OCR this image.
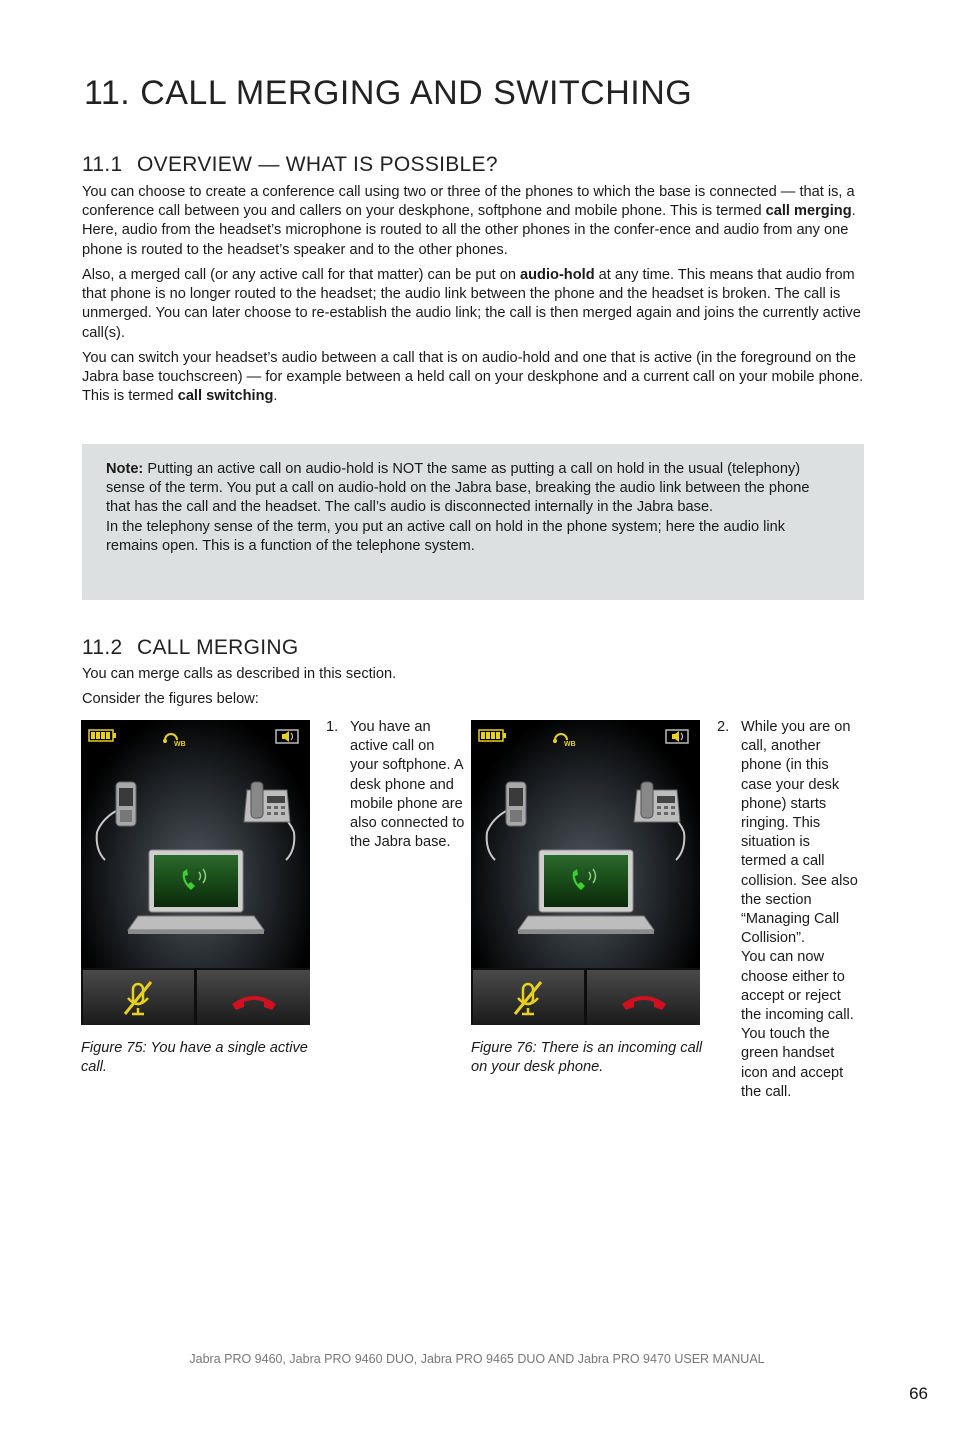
11. CALL MERGING AND SWITCHING
11.1 OVERVIEW — WHAT IS POSSIBLE?

You can choose to create a conference call using two or three of the phones to which the base is connected — that is, a conference call between you and callers on your deskphone, softphone and mobile phone. This is termed call merging. Here, audio from the headset’s microphone is routed to all the other phones in the confer-ence and audio from any one phone is routed to the headset’s speaker and to the other phones.

Also, a merged call (or any active call for that matter) can be put on audio-hold at any time. This means that audio from that phone is no longer routed to the headset; the audio link between the phone and the headset is broken. The call is unmerged. You can later choose to re-establish the audio link; the call is then merged again and joins the currently active call(s).

You can switch your headset’s audio between a call that is on audio-hold and one that is active (in the foreground on the Jabra base touchscreen) — for example between a held call on your deskphone and a current call on your mobile phone. This is termed call switching.

Note: Putting an active call on audio-hold is NOT the same as putting a call on hold in the usual (telephony) sense of the term. You put a call on audio-hold on the Jabra base, breaking the audio link between the phone that has the call and the headset. The call’s audio is disconnected internally in the Jabra base.

In the telephony sense of the term, you put an active call on hold in the phone system; here the audio link remains open. This is a function of the telephone system.

11.2 CALL MERGING

You can merge calls as described in this section.

Consider the figures below:

WB
Figure 75: You have a single active call.
1. You have an active call on your softphone. A desk phone and mobile phone are also connected to the Jabra base.

WB
Figure 76: There is an incoming call on your desk phone.
2. While you are on call, another phone (in this case your desk phone) starts ringing. This situation is termed a call collision. See also the section “Managing Call Collision”.

You can now choose either to accept or reject the incoming call.

You touch the green handset icon and accept the call.

Jabra PRO 9460, Jabra PRO 9460 DUO, Jabra PRO 9465 DUO AND Jabra PRO 9470 USER MANUAL
66
